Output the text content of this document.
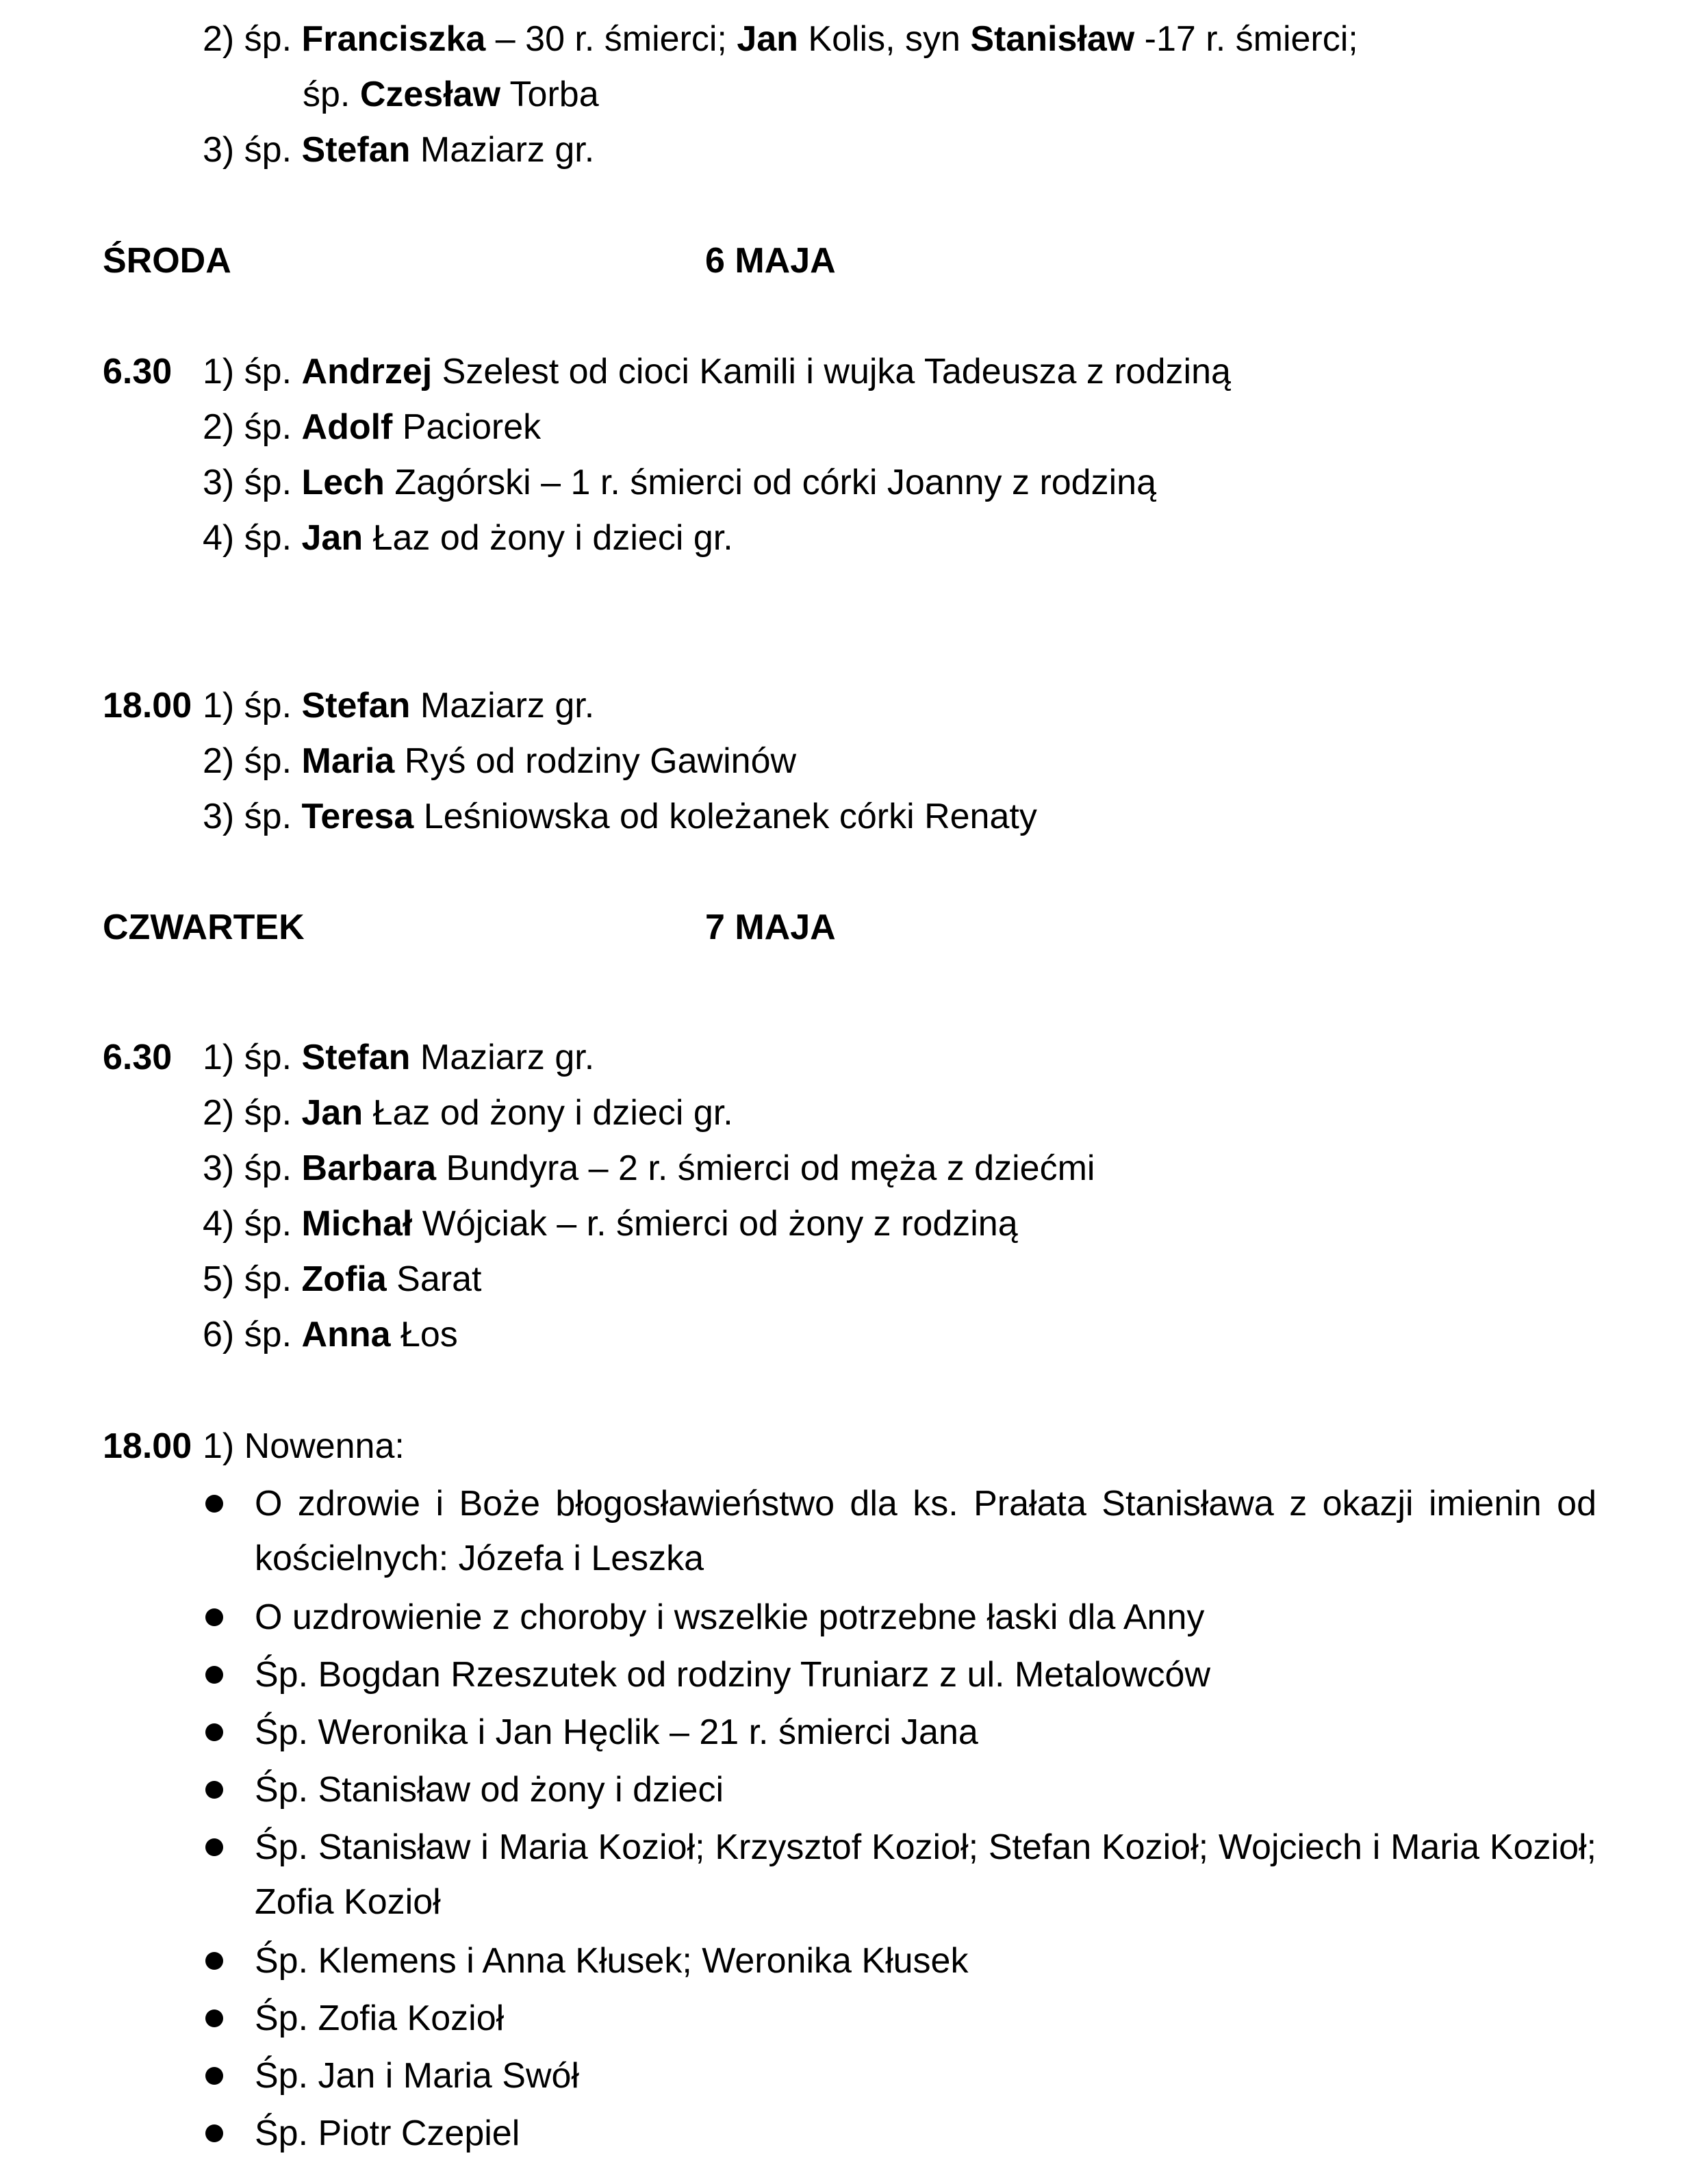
2) śp. Franciszka – 30 r. śmierci; Jan Kolis, syn Stanisław -17 r. śmierci;
śp. Czesław Torba
3) śp. Stefan Maziarz gr.
ŚRODA	6 MAJA
6.30 1) śp. Andrzej Szelest od cioci Kamili i wujka Tadeusza z rodziną
2) śp. Adolf Paciorek
3) śp. Lech Zagórski – 1 r. śmierci od córki Joanny z rodziną
4) śp. Jan Łaz od żony i dzieci gr.
18.00 1) śp. Stefan Maziarz gr.
2) śp. Maria Ryś od rodziny Gawinów
3) śp. Teresa Leśniowska od koleżanek córki Renaty
CZWARTEK	7 MAJA
6.30 1) śp. Stefan Maziarz gr.
2) śp. Jan Łaz od żony i dzieci gr.
3) śp. Barbara Bundyra – 2 r. śmierci od męża z dziećmi
4) śp. Michał Wójciak – r. śmierci od żony z rodziną
5) śp. Zofia Sarat
6) śp. Anna Łos
18.00 1) Nowenna:
O zdrowie i Boże błogosławieństwo dla ks. Prałata Stanisława z okazji imienin od kościelnych: Józefa i Leszka
O uzdrowienie z choroby i wszelkie potrzebne łaski dla Anny
Śp. Bogdan Rzeszutek od rodziny Truniarz z ul. Metalowców
Śp. Weronika i Jan Hęclik – 21 r. śmierci Jana
Śp. Stanisław od żony i dzieci
Śp. Stanisław i Maria Kozioł; Krzysztof Kozioł; Stefan Kozioł; Wojciech i Maria Kozioł; Zofia Kozioł
Śp. Klemens i Anna Kłusek; Weronika Kłusek
Śp. Zofia Kozioł
Śp. Jan i Maria Swół
Śp. Piotr Czepiel
